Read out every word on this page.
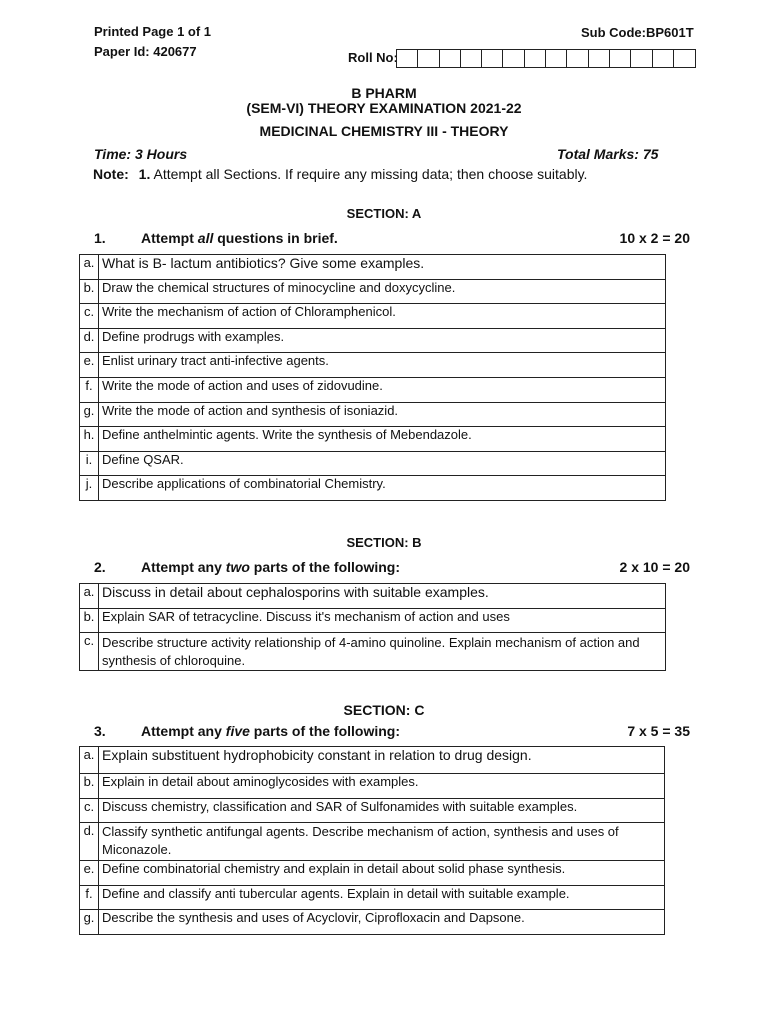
Printed Page 1 of 1
Paper Id: 420677
Sub Code:BP601T
Roll No:
B PHARM
(SEM-VI) THEORY EXAMINATION 2021-22
MEDICINAL CHEMISTRY III - THEORY
Time: 3 Hours	Total Marks: 75
Note: 1. Attempt all Sections. If require any missing data; then choose suitably.
SECTION: A
1.	Attempt all questions in brief.	10 x 2 = 20
a.	What is B- lactum antibiotics? Give some examples.
b.	Draw the chemical structures of minocycline and doxycycline.
c.	Write the mechanism of action of Chloramphenicol.
d.	Define prodrugs with examples.
e.	Enlist urinary tract anti-infective agents.
f.	Write the mode of action and uses of zidovudine.
g.	Write the mode of action and synthesis of isoniazid.
h.	Define anthelmintic agents. Write the synthesis of Mebendazole.
i.	Define QSAR.
j.	Describe applications of combinatorial Chemistry.
SECTION: B
2.	Attempt any two parts of the following:	2 x 10 = 20
a.	Discuss in detail about cephalosporins with suitable examples.
b.	Explain SAR of tetracycline. Discuss it's mechanism of action and uses
c.	Describe structure activity relationship of 4-amino quinoline. Explain mechanism of action and synthesis of chloroquine.
SECTION: C
3.	Attempt any five parts of the following:	7 x 5 = 35
a.	Explain substituent hydrophobicity constant in relation to drug design.
b.	Explain in detail about aminoglycosides with examples.
c.	Discuss chemistry, classification and SAR of Sulfonamides with suitable examples.
d.	Classify synthetic antifungal agents. Describe mechanism of action, synthesis and uses of Miconazole.
e.	Define combinatorial chemistry and explain in detail about solid phase synthesis.
f.	Define and classify anti tubercular agents. Explain in detail with suitable example.
g.	Describe the synthesis and uses of Acyclovir, Ciprofloxacin and Dapsone.
